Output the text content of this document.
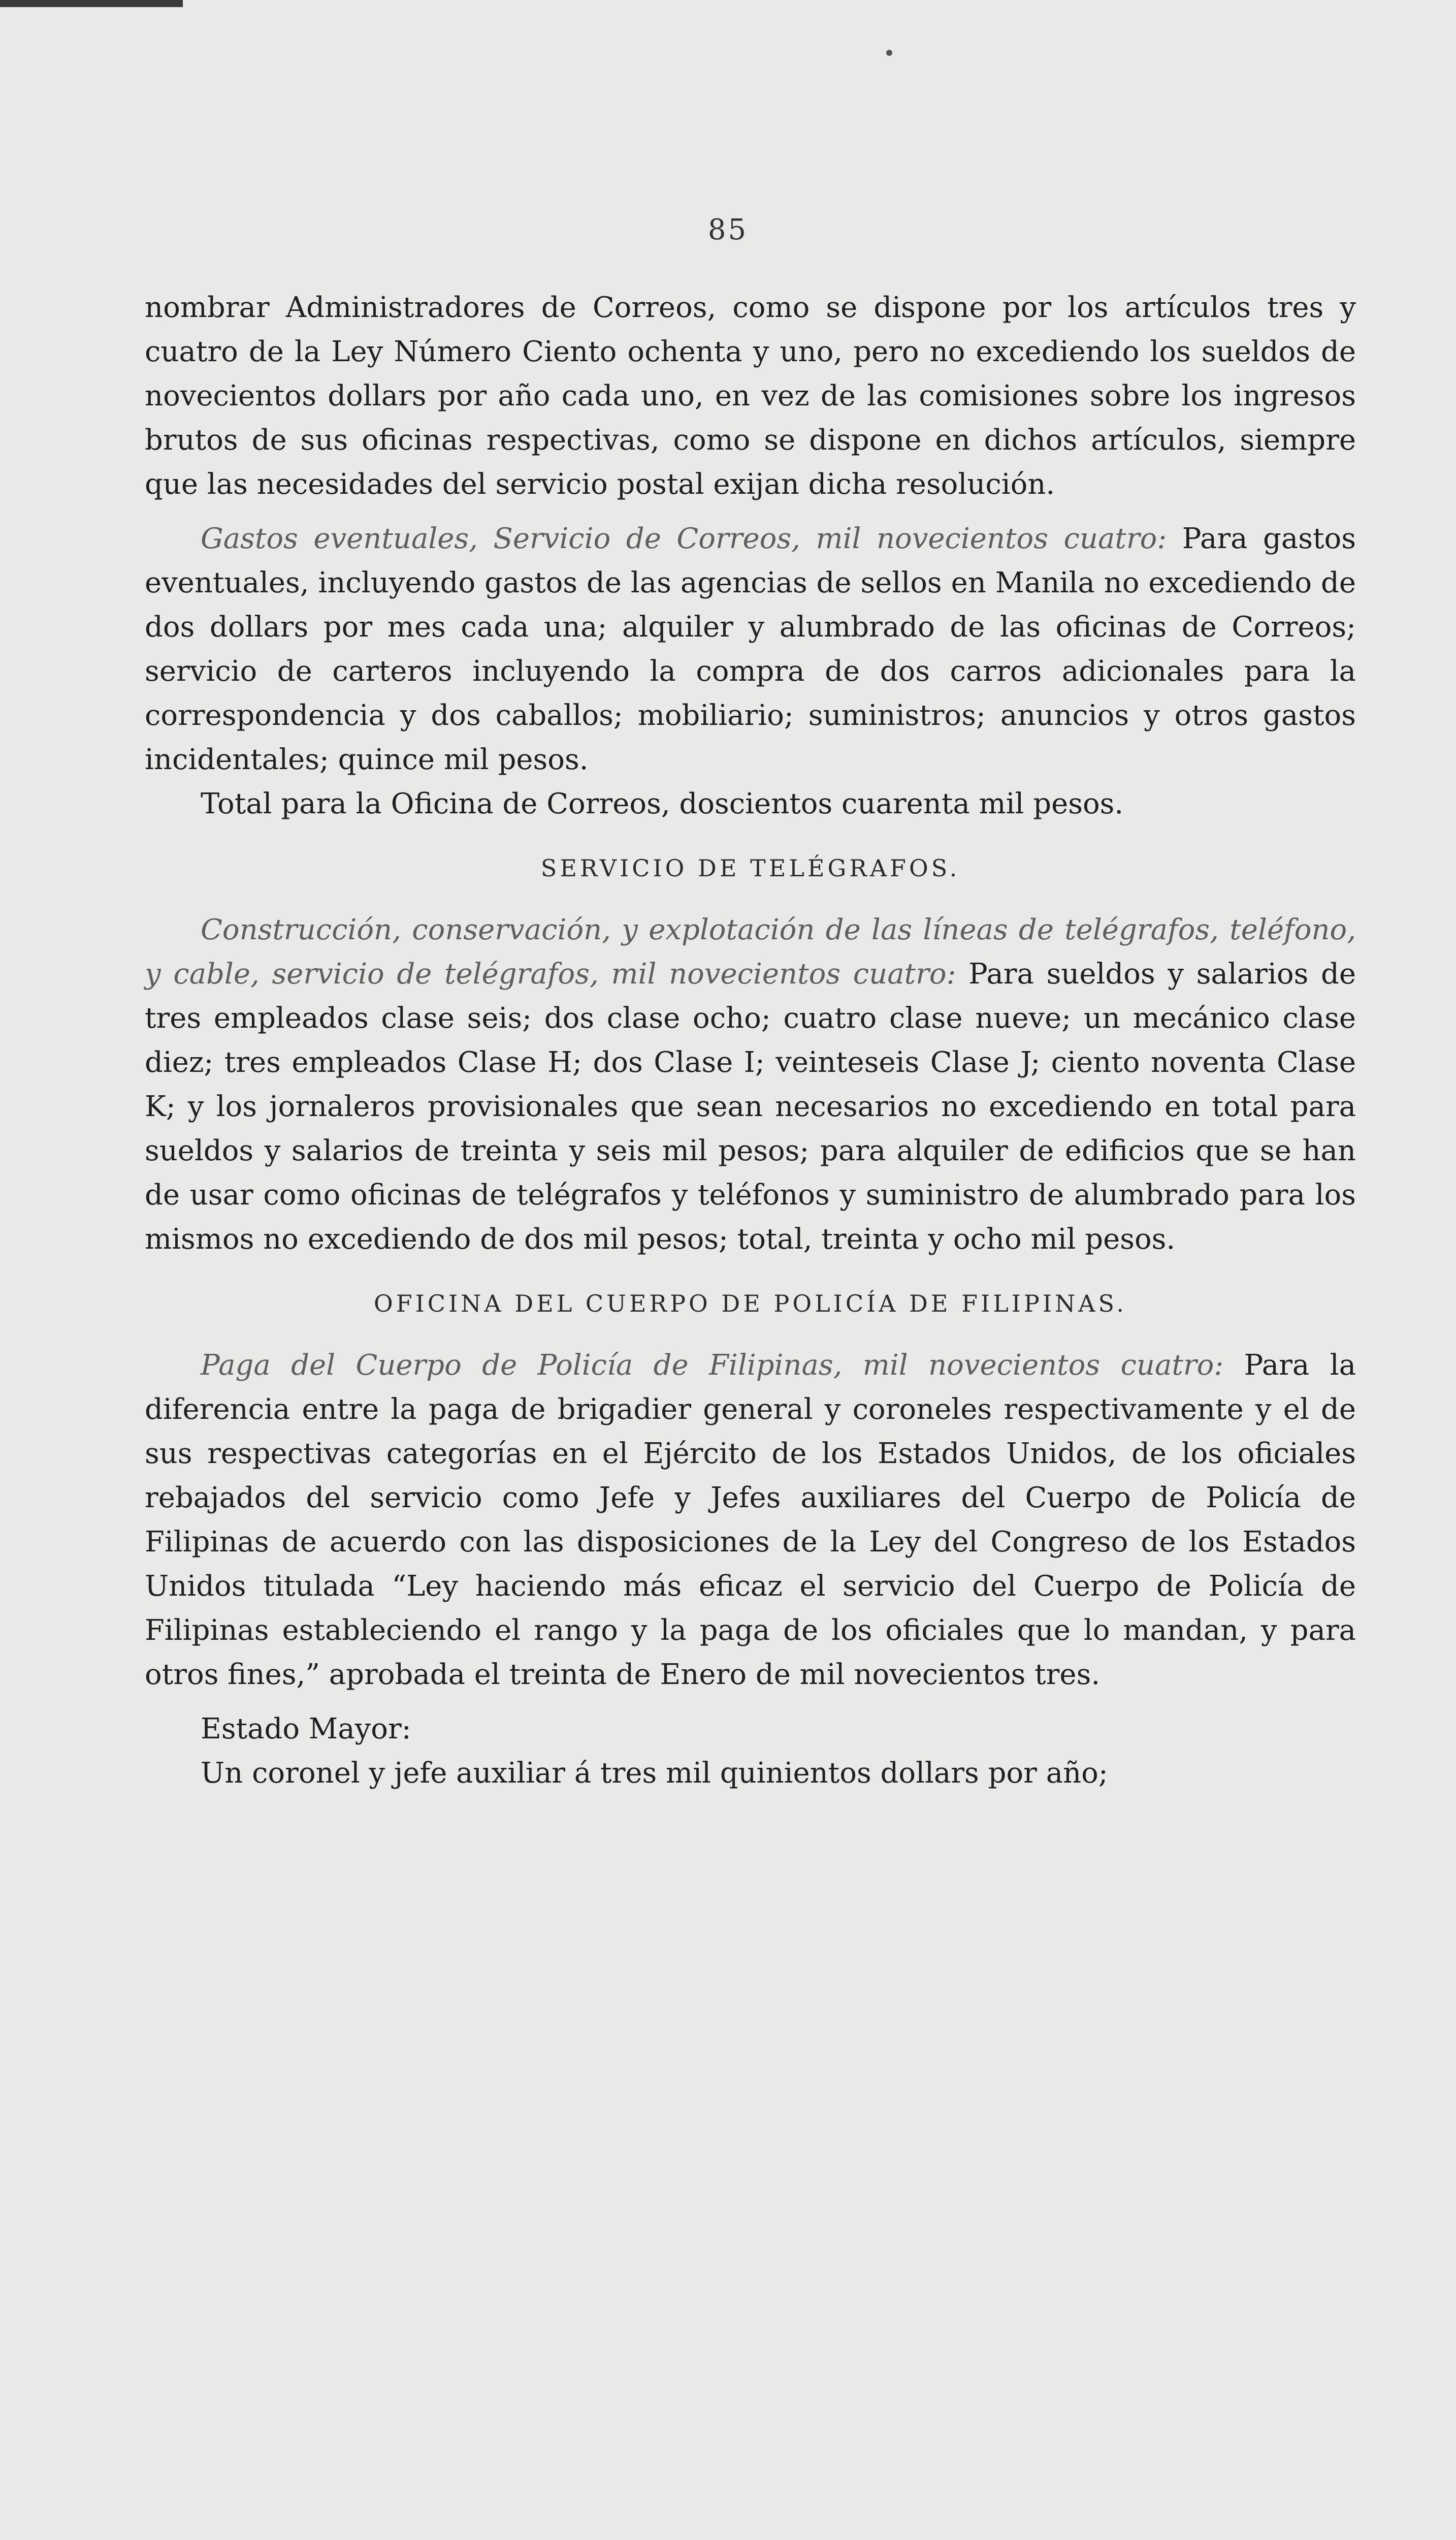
85

nombrar Administradores de Correos, como se dispone por los artículos tres y cuatro de la Ley Número Ciento ochenta y uno, pero no excediendo los sueldos de novecientos dollars por año cada uno, en vez de las comisiones sobre los ingresos brutos de sus oficinas respectivas, como se dispone en dichos artículos, siempre que las necesidades del servicio postal exijan dicha resolución.

Gastos eventuales, Servicio de Correos, mil novecientos cuatro: Para gastos eventuales, incluyendo gastos de las agencias de sellos en Manila no excediendo de dos dollars por mes cada una; alquiler y alumbrado de las oficinas de Correos; servicio de carteros incluyendo la compra de dos carros adicionales para la correspondencia y dos caballos; mobiliario; suministros; anuncios y otros gastos incidentales; quince mil pesos.

Total para la Oficina de Correos, doscientos cuarenta mil pesos.

SERVICIO DE TELÉGRAFOS.

Construcción, conservación, y explotación de las líneas de telégrafos, teléfono, y cable, servicio de telégrafos, mil novecientos cuatro: Para sueldos y salarios de tres empleados clase seis; dos clase ocho; cuatro clase nueve; un mecánico clase diez; tres empleados Clase H; dos Clase I; veinteseis Clase J; ciento noventa Clase K; y los jornaleros provisionales que sean necesarios no excediendo en total para sueldos y salarios de treinta y seis mil pesos; para alquiler de edificios que se han de usar como oficinas de telégrafos y teléfonos y suministro de alumbrado para los mismos no excediendo de dos mil pesos; total, treinta y ocho mil pesos.

OFICINA DEL CUERPO DE POLICÍA DE FILIPINAS.

Paga del Cuerpo de Policía de Filipinas, mil novecientos cuatro: Para la diferencia entre la paga de brigadier general y coroneles respectivamente y el de sus respectivas categorías en el Ejército de los Estados Unidos, de los oficiales rebajados del servicio como Jefe y Jefes auxiliares del Cuerpo de Policía de Filipinas de acuerdo con las disposiciones de la Ley del Congreso de los Estados Unidos titulada “Ley haciendo más eficaz el servicio del Cuerpo de Policía de Filipinas estableciendo el rango y la paga de los oficiales que lo mandan, y para otros fines,” aprobada el treinta de Enero de mil novecientos tres.

Estado Mayor:

Un coronel y jefe auxiliar á tres mil quinientos dollars por año;
